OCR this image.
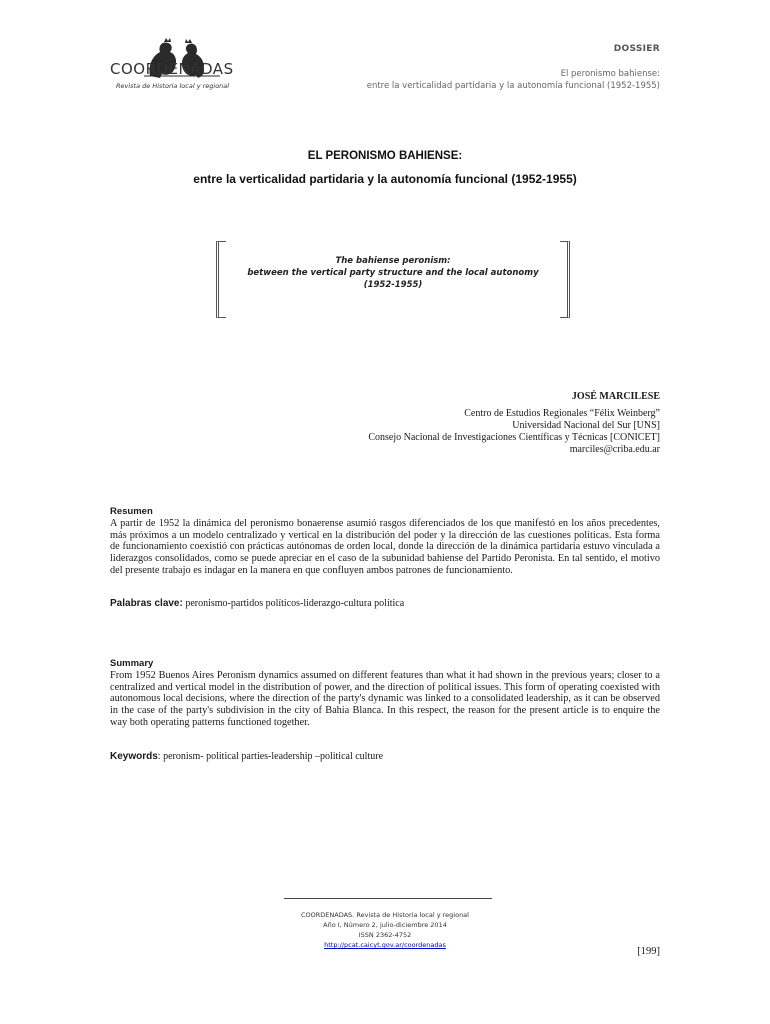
COORDENADAS
Revista de Historia local y regional
DOSSIER
El peronismo bahiense:
entre la verticalidad partidaria y la autonomía funcional (1952-1955)
EL PERONISMO BAHIENSE:
entre la verticalidad partidaria y la autonomía funcional (1952-1955)
The bahiense peronism:
between the vertical party structure and the local autonomy
(1952-1955)
JOSÉ MARCILESE
Centro de Estudios Regionales “Félix Weinberg”
Universidad Nacional del Sur [UNS]
Consejo Nacional de Investigaciones Científicas y Técnicas [CONICET]
marciles@criba.edu.ar
Resumen
A partir de 1952 la dinámica del peronismo bonaerense asumió rasgos diferenciados de los que manifestó en los años precedentes, más próximos a un modelo centralizado y vertical en la distribución del poder y la dirección de las cuestiones políticas. Esta forma de funcionamiento coexistió con prácticas autónomas de orden local, donde la dirección de la dinámica partidaria estuvo vinculada a liderazgos consolidados, como se puede apreciar en el caso de la subunidad bahiense del Partido Peronista. En tal sentido, el motivo del presente trabajo es indagar en la manera en que confluyen ambos patrones de funcionamiento.
Palabras clave: peronismo-partidos políticos-liderazgo-cultura política
Summary
From 1952 Buenos Aires Peronism dynamics assumed on different features than what it had shown in the previous years; closer to a centralized and vertical model in the distribution of power, and the direction of political issues. This form of operating coexisted with autonomous local decisions, where the direction of the party's dynamic was linked to a consolidated leadership, as it can be observed in the case of the party's subdivision in the city of Bahia Blanca. In this respect, the reason for the present article is to enquire the way both operating patterns functioned together.
Keywords: peronism- political parties-leadership –political culture
COORDENADAS. Revista de Historia local y regional
Año I, Número 2, julio-diciembre 2014
ISSN 2362-4752
http://pcat.caicyt.gov.ar/coordenadas
[199]
